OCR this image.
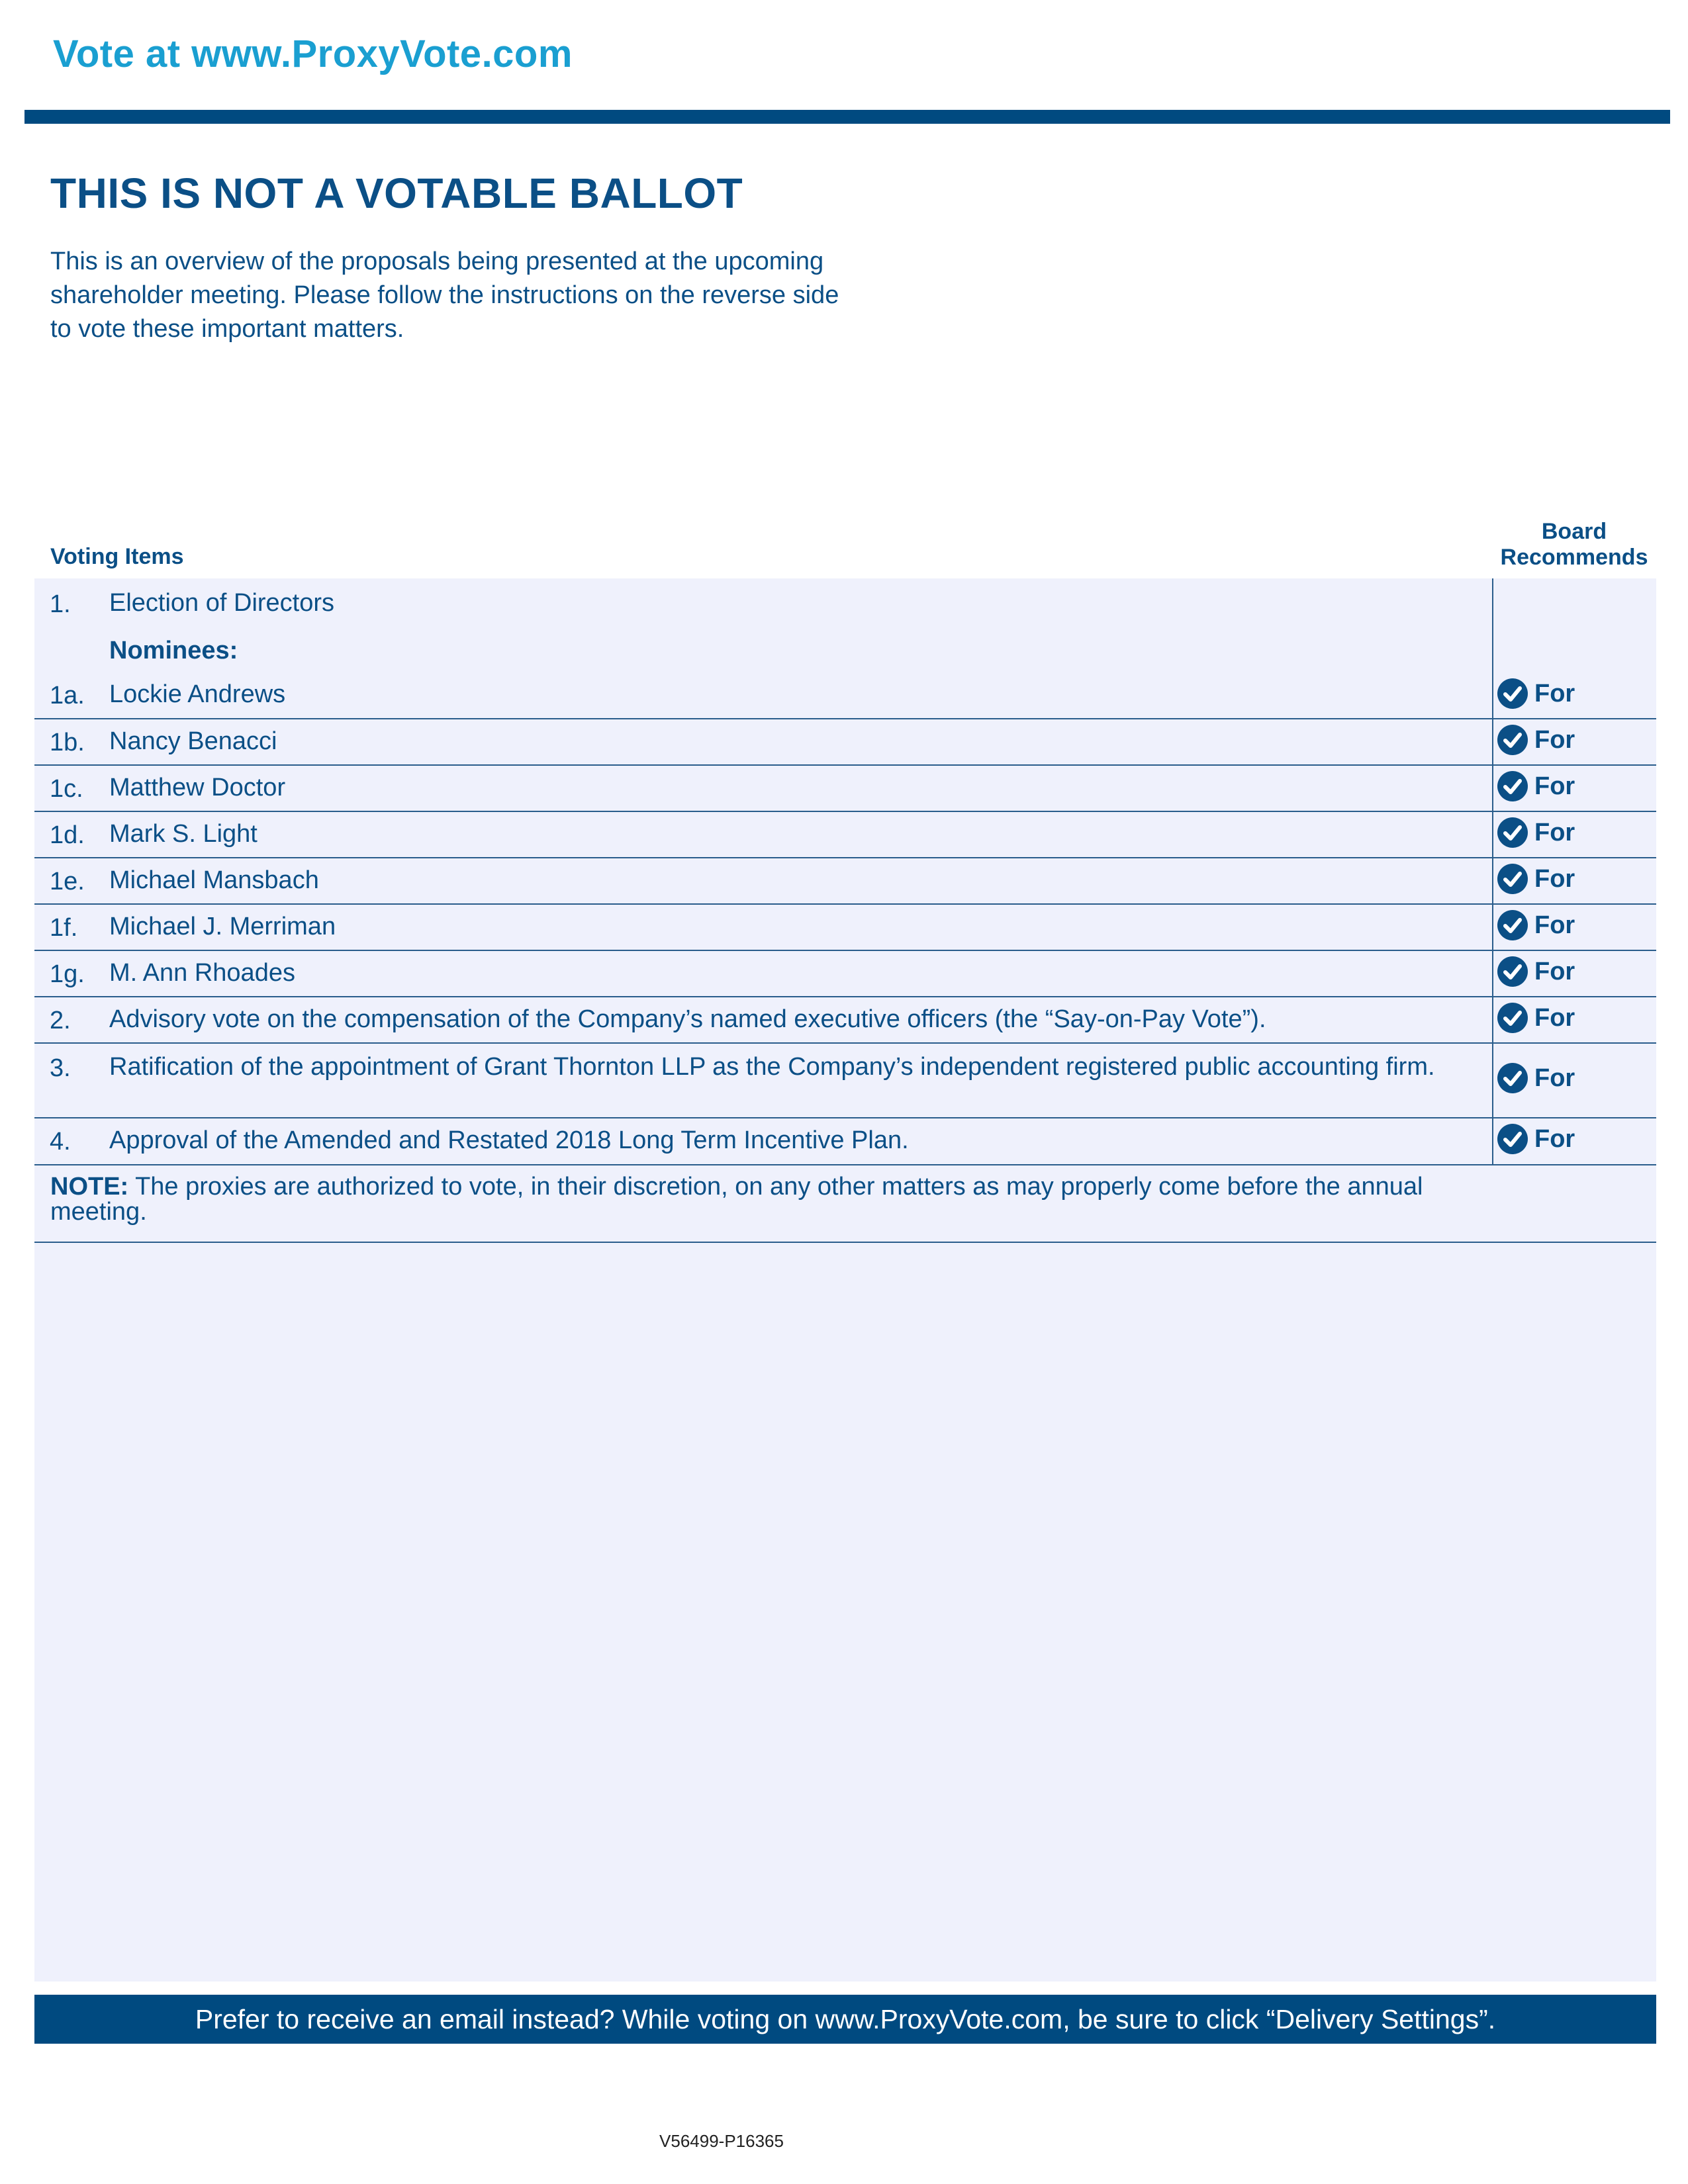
Vote at www.ProxyVote.com
THIS IS NOT A VOTABLE BALLOT
This is an overview of the proposals being presented at the upcoming shareholder meeting. Please follow the instructions on the reverse side to vote these important matters.
Voting Items
Board
Recommends
1. Election of Directors
Nominees:
1a. Lockie Andrews	For
1b. Nancy Benacci	For
1c. Matthew Doctor	For
1d. Mark S. Light	For
1e. Michael Mansbach	For
1f. Michael J. Merriman	For
1g. M. Ann Rhoades	For
2. Advisory vote on the compensation of the Company’s named executive officers (the “Say-on-Pay Vote”).	For
3. Ratification of the appointment of Grant Thornton LLP as the Company’s independent registered public accounting firm.	For
4. Approval of the Amended and Restated 2018 Long Term Incentive Plan.	For
NOTE: The proxies are authorized to vote, in their discretion, on any other matters as may properly come before the annual meeting.
Prefer to receive an email instead? While voting on www.ProxyVote.com, be sure to click “Delivery Settings”.
V56499-P16365
